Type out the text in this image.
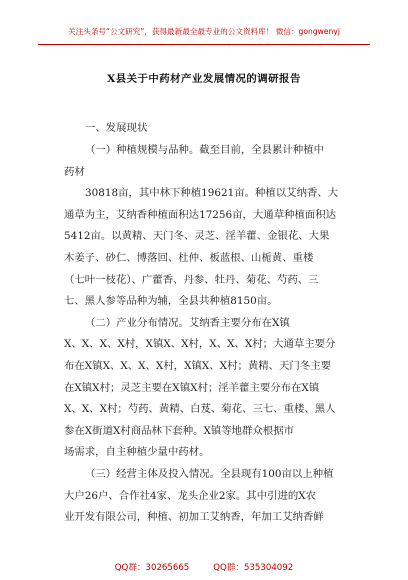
关注头条号“公文研究”，获得最新最全最专业的公文资料库！ 微信：gongwenyj
X县关于中药材产业发展情况的调研报告
一、发展现状
（一）种植规模与品种。截至目前，全县累计种植中
药材
30818亩，其中林下种植19621亩。种植以艾纳香、大
通草为主，艾纳香种植面积达17256亩，大通草种植面积达
5412亩。以黄精、天门冬、灵芝、淫羊藿、金银花、大果
木姜子、砂仁、博落回、杜仲、板蓝根、山栀黄、重楼
（七叶一枝花）、广藿香、丹参、牡丹、菊花、芍药、三
七、黑人参等品种为辅，全县共种植8150亩。
（二）产业分布情况。艾纳香主要分布在X镇
X、X、X、X村，X镇X、X村，X、X、X村；大通草主要分
布在X镇X、X、X、X村，X镇X、X村；黄精、天门冬主要
在X镇X村；灵芝主要在X镇X村；淫羊藿主要分布在X镇
X、X、X村；芍药、黄精、白芨、菊花、三七、重楼、黑人
参在X街道X村商品林下套种。X镇等地群众根据市
场需求，自主种植少量中药材。
（三）经营主体及投入情况。全县现有100亩以上种植
大户26户、合作社4家、龙头企业2家。其中引进的X农
业开发有限公司，种植、初加工艾纳香，年加工艾纳香鲜
QQ群：30265665	QQ群：535304092
